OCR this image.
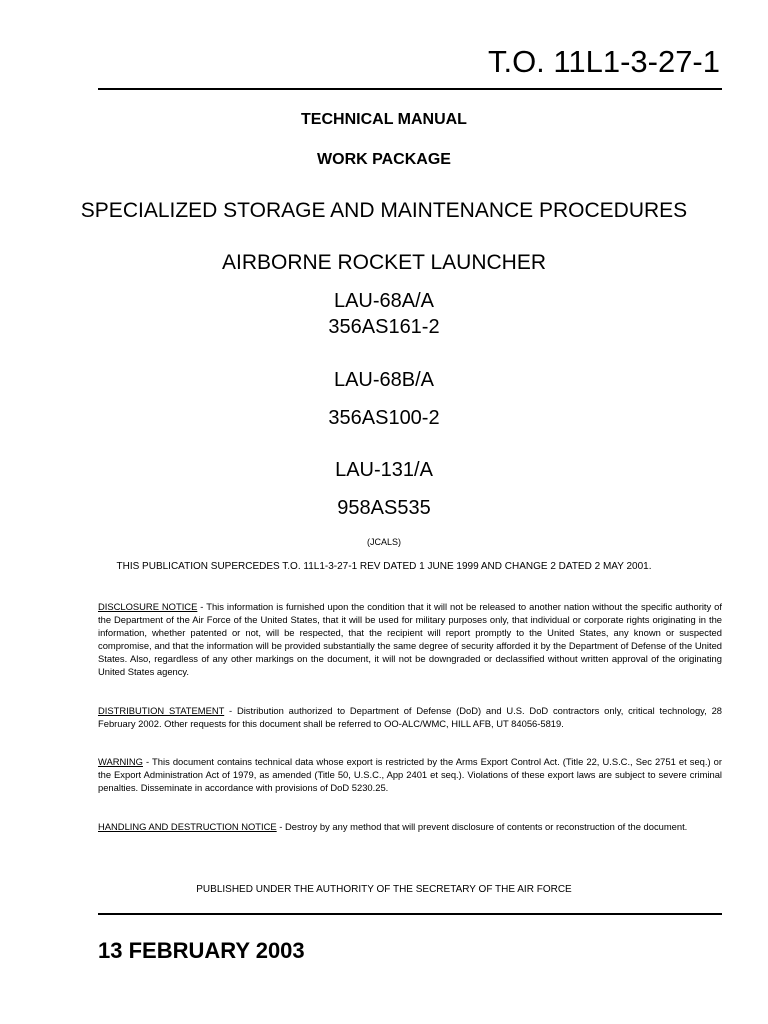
T.O. 11L1-3-27-1
TECHNICAL MANUAL
WORK PACKAGE
SPECIALIZED STORAGE AND MAINTENANCE PROCEDURES
AIRBORNE ROCKET LAUNCHER
LAU-68A/A
356AS161-2
LAU-68B/A
356AS100-2
LAU-131/A
958AS535
(JCALS)
THIS PUBLICATION SUPERCEDES T.O. 11L1-3-27-1 REV DATED 1 JUNE 1999 AND CHANGE 2 DATED 2 MAY 2001.
DISCLOSURE NOTICE - This information is furnished upon the condition that it will not be released to another nation without the specific authority of the Department of the Air Force of the United States, that it will be used for military purposes only, that individual or corporate rights originating in the information, whether patented or not, will be respected, that the recipient will report promptly to the United States, any known or suspected compromise, and that the information will be provided substantially the same degree of security afforded it by the Department of Defense of the United States. Also, regardless of any other markings on the document, it will not be downgraded or declassified without written approval of the originating United States agency.
DISTRIBUTION STATEMENT - Distribution authorized to Department of Defense (DoD) and U.S. DoD contractors only, critical technology, 28 February 2002. Other requests for this document shall be referred to OO-ALC/WMC, HILL AFB, UT 84056-5819.
WARNING - This document contains technical data whose export is restricted by the Arms Export Control Act. (Title 22, U.S.C., Sec 2751 et seq.) or the Export Administration Act of 1979, as amended (Title 50, U.S.C., App 2401 et seq.). Violations of these export laws are subject to severe criminal penalties. Disseminate in accordance with provisions of DoD 5230.25.
HANDLING AND DESTRUCTION NOTICE - Destroy by any method that will prevent disclosure of contents or reconstruction of the document.
PUBLISHED UNDER THE AUTHORITY OF THE SECRETARY OF THE AIR FORCE
13 FEBRUARY 2003
